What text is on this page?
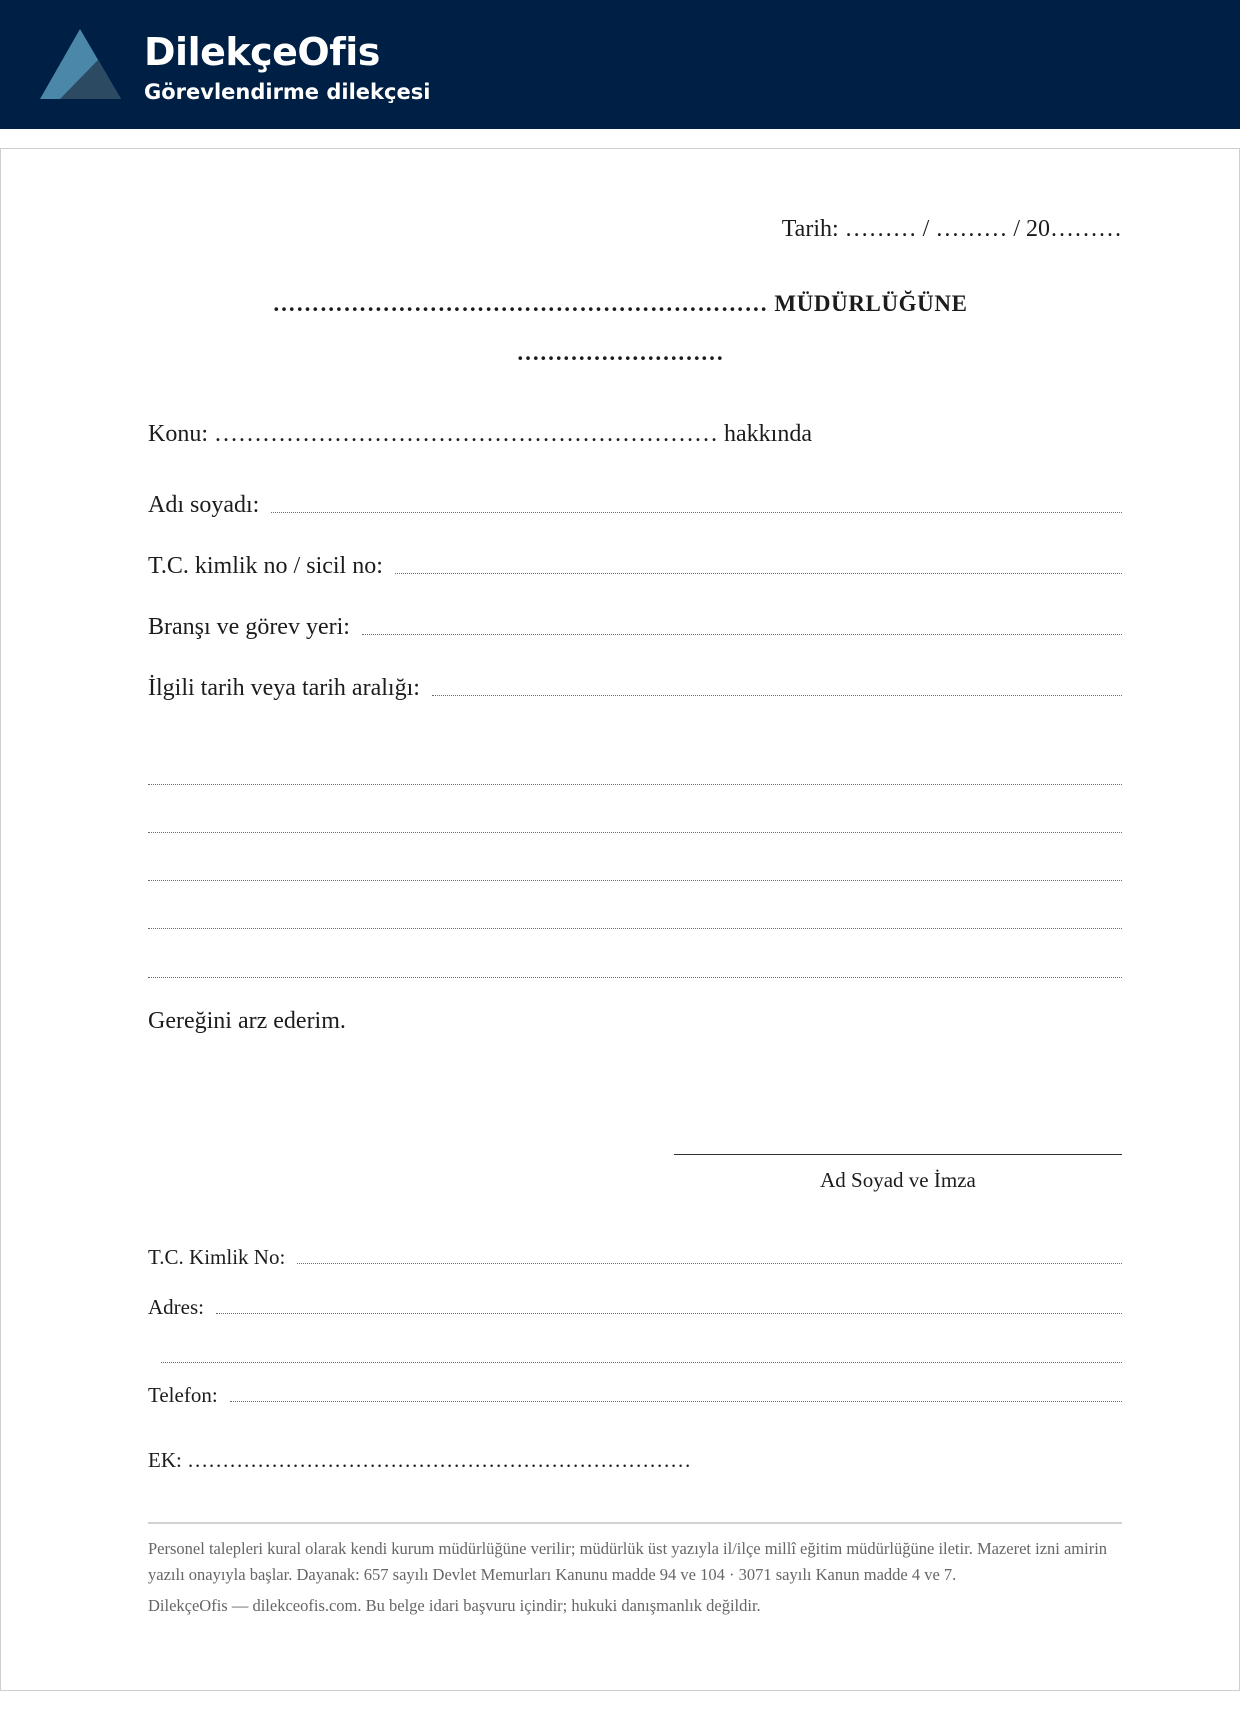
DilekçeOfis
Görevlendirme dilekçesi
Tarih: ……… / ……… / 20………
……………………………………………………… MÜDÜRLÜĞÜNE
………………………
Konu: ……………………………………………………… hakkında
Adı soyadı:
T.C. kimlik no / sicil no:
Branşı ve görev yeri:
İlgili tarih veya tarih aralığı:
Gereğini arz ederim.
Ad Soyad ve İmza
T.C. Kimlik No:
Adres:
Telefon:
EK: ………………………………………………………………
Personel talepleri kural olarak kendi kurum müdürlüğüne verilir; müdürlük üst yazıyla il/ilçe millî eğitim müdürlüğüne iletir. Mazeret izni amirin yazılı onayıyla başlar. Dayanak: 657 sayılı Devlet Memurları Kanunu madde 94 ve 104 · 3071 sayılı Kanun madde 4 ve 7.
DilekçeOfis — dilekceofis.com. Bu belge idari başvuru içindir; hukuki danışmanlık değildir.
